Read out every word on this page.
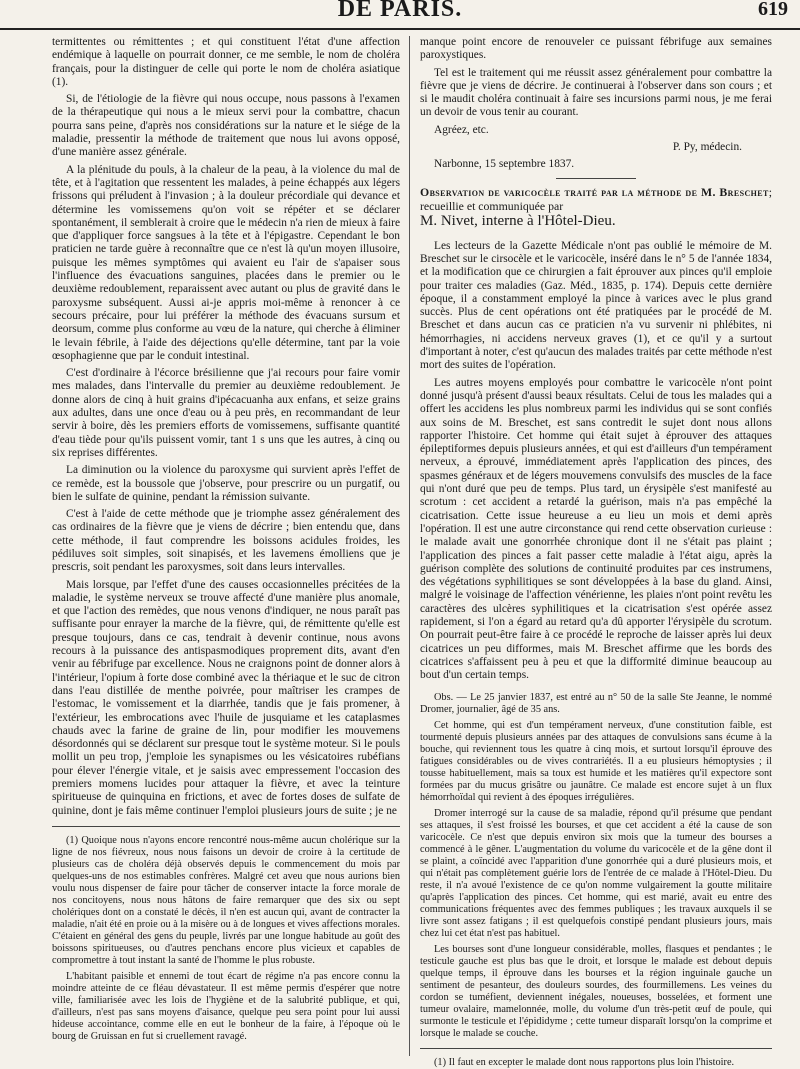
DE PARIS.	619

termittentes ou rémittentes ; et qui constituent l'état d'une affection endémique à laquelle on pourrait donner, ce me semble, le nom de choléra français, pour la distinguer de celle qui porte le nom de choléra asiatique (1).

Si, de l'étiologie de la fièvre qui nous occupe, nous passons à l'examen de la thérapeutique qui nous a le mieux servi pour la combattre, chacun pourra sans peine, d'après nos considérations sur la nature et le siége de la maladie, pressentir la méthode de traitement que nous lui avons opposé, d'une manière assez générale.

A la plénitude du pouls, à la chaleur de la peau, à la violence du mal de tête, et à l'agitation que ressentent les malades, à peine échappés aux légers frissons qui préludent à l'invasion ; à la douleur précordiale qui devance et détermine les vomissemens qu'on voit se répéter et se déclarer spontanément, il semblerait à croire que le médecin n'a rien de mieux à faire que d'appliquer force sangsues à la tête et à l'épigastre. Cependant le bon praticien ne tarde guère à reconnaître que ce n'est là qu'un moyen illusoire, puisque les mêmes symptômes qui avaient eu l'air de s'apaiser sous l'influence des évacuations sanguines, placées dans le premier ou le deuxième redoublement, reparaissent avec autant ou plus de gravité dans le paroxysme subséquent. Aussi ai-je appris moi-même à renoncer à ce secours précaire, pour lui préférer la méthode des évacuans sursum et deorsum, comme plus conforme au vœu de la nature, qui cherche à éliminer le levain fébrile, à l'aide des déjections qu'elle détermine, tant par la voie œsophagienne que par le conduit intestinal.

C'est d'ordinaire à l'écorce brésilienne que j'ai recours pour faire vomir mes malades, dans l'intervalle du premier au deuxième redoublement. Je donne alors de cinq à huit grains d'ipécacuanha aux enfans, et seize grains aux adultes, dans une once d'eau ou à peu près, en recommandant de leur servir à boire, dès les premiers efforts de vomissemens, suffisante quantité d'eau tiède pour qu'ils puissent vomir, tant 1 s uns que les autres, à cinq ou six reprises différentes.

La diminution ou la violence du paroxysme qui survient après l'effet de ce remède, est la boussole que j'observe, pour prescrire ou un purgatif, ou bien le sulfate de quinine, pendant la rémission suivante.

C'est à l'aide de cette méthode que je triomphe assez généralement des cas ordinaires de la fièvre que je viens de décrire ; bien entendu que, dans cette méthode, il faut comprendre les boissons acidules froides, les pédiluves soit simples, soit sinapisés, et les lavemens émolliens que je prescris, soit pendant les paroxysmes, soit dans leurs intervalles.

Mais lorsque, par l'effet d'une des causes occasionnelles précitées de la maladie, le système nerveux se trouve affecté d'une manière plus anomale, et que l'action des remèdes, que nous venons d'indiquer, ne nous paraît pas suffisante pour enrayer la marche de la fièvre, qui, de rémittente qu'elle est presque toujours, dans ce cas, tendrait à devenir continue, nous avons recours à la puissance des antispasmodiques proprement dits, avant d'en venir au fébrifuge par excellence. Nous ne craignons point de donner alors à l'intérieur, l'opium à forte dose combiné avec la thériaque et le suc de citron dans l'eau distillée de menthe poivrée, pour maîtriser les crampes de l'estomac, le vomissement et la diarrhée, tandis que je fais promener, à l'extérieur, les embrocations avec l'huile de jusquiame et les cataplasmes chauds avec la farine de graine de lin, pour modifier les mouvemens désordonnés qui se déclarent sur presque tout le système moteur. Si le pouls mollit un peu trop, j'emploie les synapismes ou les vésicatoires rubéfians pour élever l'énergie vitale, et je saisis avec empressement l'occasion des premiers momens lucides pour attaquer la fièvre, et avec la teinture spiritueuse de quinquina en frictions, et avec de fortes doses de sulfate de quinine, dont je fais même continuer l'emploi plusieurs jours de suite ; je ne

(1) Quoique nous n'ayons encore rencontré nous-même aucun cholérique sur la ligne de nos fiévreux, nous nous faisons un devoir de croire à la certitude de plusieurs cas de choléra déjà observés depuis le commencement du mois par quelques-uns de nos estimables confrères. Malgré cet aveu que nous aurions bien voulu nous dispenser de faire pour tâcher de conserver intacte la force morale de nos concitoyens, nous nous hâtons de faire remarquer que des six ou sept cholériques dont on a constaté le décès, il n'en est aucun qui, avant de contracter la maladie, n'ait été en proie ou à la misère ou à de longues et vives affections morales. C'étaient en général des gens du peuple, livrés par une longue habitude au goût des boissons spiritueuses, ou d'autres penchans encore plus vicieux et capables de compromettre à tout instant la santé de l'homme le plus robuste.

L'habitant paisible et ennemi de tout écart de régime n'a pas encore connu la moindre atteinte de ce fléau dévastateur. Il est même permis d'espérer que notre ville, familiarisée avec les lois de l'hygiène et de la salubrité publique, et qui, d'ailleurs, n'est pas sans moyens d'aisance, quelque peu sera point pour lui aussi hideuse accointance, comme elle en eut le bonheur de la faire, à l'époque où le bourg de Gruissan en fut si cruellement ravagé.

manque point encore de renouveler ce puissant fébrifuge aux semaines paroxystiques.

Tel est le traitement qui me réussit assez généralement pour combattre la fièvre que je viens de décrire. Je continuerai à l'observer dans son cours ; et si le maudit choléra continuait à faire ses incursions parmi nous, je me ferai un devoir de vous tenir au courant.

Agréez, etc.

P. Py, médecin.

Narbonne, 15 septembre 1837.

Observation de varicocèle traité par la méthode de M. Breschet; recueillie et communiquée par
M. Nivet, interne à l'Hôtel-Dieu.

Les lecteurs de la Gazette Médicale n'ont pas oublié le mémoire de M. Breschet sur le cirsocèle et le varicocèle, inséré dans le n° 5 de l'année 1834, et la modification que ce chirurgien a fait éprouver aux pinces qu'il emploie pour traiter ces maladies (Gaz. Méd., 1835, p. 174). Depuis cette dernière époque, il a constamment employé la pince à varices avec le plus grand succès. Plus de cent opérations ont été pratiquées par le procédé de M. Breschet et dans aucun cas ce praticien n'a vu survenir ni phlébites, ni hémorrhagies, ni accidens nerveux graves (1), et ce qu'il y a surtout d'important à noter, c'est qu'aucun des malades traités par cette méthode n'est mort des suites de l'opération.

Les autres moyens employés pour combattre le varicocèle n'ont point donné jusqu'à présent d'aussi beaux résultats. Celui de tous les malades qui a offert les accidens les plus nombreux parmi les individus qui se sont confiés aux soins de M. Breschet, est sans contredit le sujet dont nous allons rapporter l'histoire. Cet homme qui était sujet à éprouver des attaques épileptiformes depuis plusieurs années, et qui est d'ailleurs d'un tempérament nerveux, a éprouvé, immédiatement après l'application des pinces, des spasmes généraux et de légers mouvemens convulsifs des muscles de la face qui n'ont duré que peu de temps. Plus tard, un érysipèle s'est manifesté au scrotum : cet accident a retardé la guérison, mais n'a pas empêché la cicatrisation. Cette issue heureuse a eu lieu un mois et demi après l'opération. Il est une autre circonstance qui rend cette observation curieuse : le malade avait une gonorrhée chronique dont il ne s'était pas plaint ; l'application des pinces a fait passer cette maladie à l'état aigu, après la guérison complète des solutions de continuité produites par ces instrumens, des végétations syphilitiques se sont développées à la base du gland. Ainsi, malgré le voisinage de l'affection vénérienne, les plaies n'ont point revêtu les caractères des ulcères syphilitiques et la cicatrisation s'est opérée assez rapidement, si l'on a égard au retard qu'a dû apporter l'érysipèle du scrotum. On pourrait peut-être faire à ce procédé le reproche de laisser après lui deux cicatrices un peu difformes, mais M. Breschet affirme que les bords des cicatrices s'affaissent peu à peu et que la difformité diminue beaucoup au bout d'un certain temps.

Obs. — Le 25 janvier 1837, est entré au n° 50 de la salle Ste Jeanne, le nommé Dromer, journalier, âgé de 35 ans.

Cet homme, qui est d'un tempérament nerveux, d'une constitution faible, est tourmenté depuis plusieurs années par des attaques de convulsions sans écume à la bouche, qui reviennent tous les quatre à cinq mois, et surtout lorsqu'il éprouve des fatigues considérables ou de vives contrariétés. Il a eu plusieurs hémoptysies ; il tousse habituellement, mais sa toux est humide et les matières qu'il expectore sont formées par du mucus grisâtre ou jaunâtre. Ce malade est encore sujet à un flux hémorrhoïdal qui revient à des époques irrégulières.

Dromer interrogé sur la cause de sa maladie, répond qu'il présume que pendant ses attaques, il s'est froissé les bourses, et que cet accident a été la cause de son varicocèle. Ce n'est que depuis environ six mois que la tumeur des bourses a commencé à le gêner. L'augmentation du volume du varicocèle et de la gêne dont il se plaint, a coïncidé avec l'apparition d'une gonorrhée qui a duré plusieurs mois, et qui n'était pas complètement guérie lors de l'entrée de ce malade à l'Hôtel-Dieu. Du reste, il n'a avoué l'existence de ce qu'on nomme vulgairement la goutte militaire qu'après l'application des pinces. Cet homme, qui est marié, avait eu entre des communications fréquentes avec des femmes publiques ; les travaux auxquels il se livre sont assez fatigans ; il est quelquefois constipé pendant plusieurs jours, mais chez lui cet état n'est pas habituel.

Les bourses sont d'une longueur considérable, molles, flasques et pendantes ; le testicule gauche est plus bas que le droit, et lorsque le malade est debout depuis quelque temps, il éprouve dans les bourses et la région inguinale gauche un sentiment de pesanteur, des douleurs sourdes, des fourmillemens. Les veines du cordon se tuméfient, deviennent inégales, noueuses, bosselées, et forment une tumeur ovalaire, mamelonnée, molle, du volume d'un très-petit œuf de poule, qui surmonte le testicule et l'épididyme ; cette tumeur disparaît lorsqu'on la comprime et lorsque le malade se couche.

(1) Il faut en excepter le malade dont nous rapportons plus loin l'histoire.
